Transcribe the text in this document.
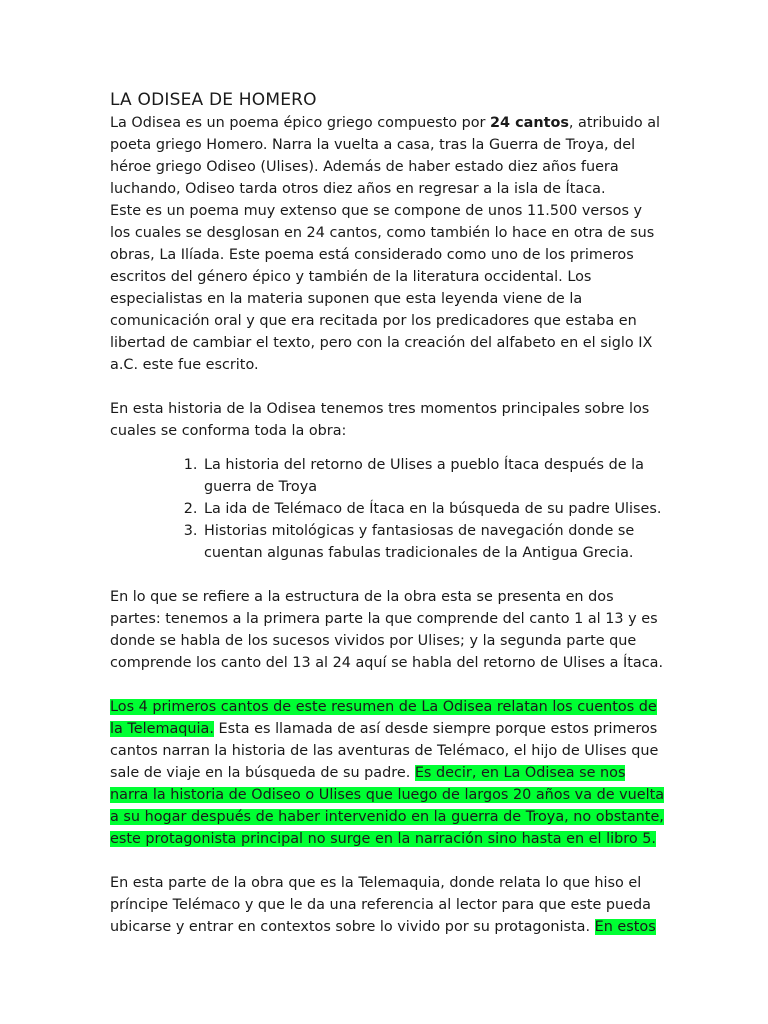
LA ODISEA DE HOMERO

La Odisea es un poema épico griego compuesto por 24 cantos, atribuido al poeta griego Homero. Narra la vuelta a casa, tras la Guerra de Troya, del héroe griego Odiseo (Ulises). Además de haber estado diez años fuera luchando, Odiseo tarda otros diez años en regresar a la isla de Ítaca.

Este es un poema muy extenso que se compone de unos 11.500 versos y los cuales se desglosan en 24 cantos, como también lo hace en otra de sus obras, La Ilíada. Este poema está considerado como uno de los primeros escritos del género épico y también de la literatura occidental. Los especialistas en la materia suponen que esta leyenda viene de la comunicación oral y que era recitada por los predicadores que estaba en libertad de cambiar el texto, pero con la creación del alfabeto en el siglo IX a.C. este fue escrito.

En esta historia de la Odisea tenemos tres momentos principales sobre los cuales se conforma toda la obra:

1. La historia del retorno de Ulises a pueblo Ítaca después de la guerra de Troya
2. La ida de Telémaco de Ítaca en la búsqueda de su padre Ulises.
3. Historias mitológicas y fantasiosas de navegación donde se cuentan algunas fabulas tradicionales de la Antigua Grecia.

En lo que se refiere a la estructura de la obra esta se presenta en dos partes: tenemos a la primera parte la que comprende del canto 1 al 13 y es donde se habla de los sucesos vividos por Ulises; y la segunda parte que comprende los canto del 13 al 24 aquí se habla del retorno de Ulises a Ítaca.

Los 4 primeros cantos de este resumen de La Odisea relatan los cuentos de la Telemaquia. Esta es llamada de así desde siempre porque estos primeros cantos narran la historia de las aventuras de Telémaco, el hijo de Ulises que sale de viaje en la búsqueda de su padre. Es decir, en La Odisea se nos narra la historia de Odiseo o Ulises que luego de largos 20 años va de vuelta a su hogar después de haber intervenido en la guerra de Troya, no obstante, este protagonista principal no surge en la narración sino hasta en el libro 5.

En esta parte de la obra que es la Telemaquia, donde relata lo que hiso el príncipe Telémaco y que le da una referencia al lector para que este pueda ubicarse y entrar en contextos sobre lo vivido por su protagonista. En estos
